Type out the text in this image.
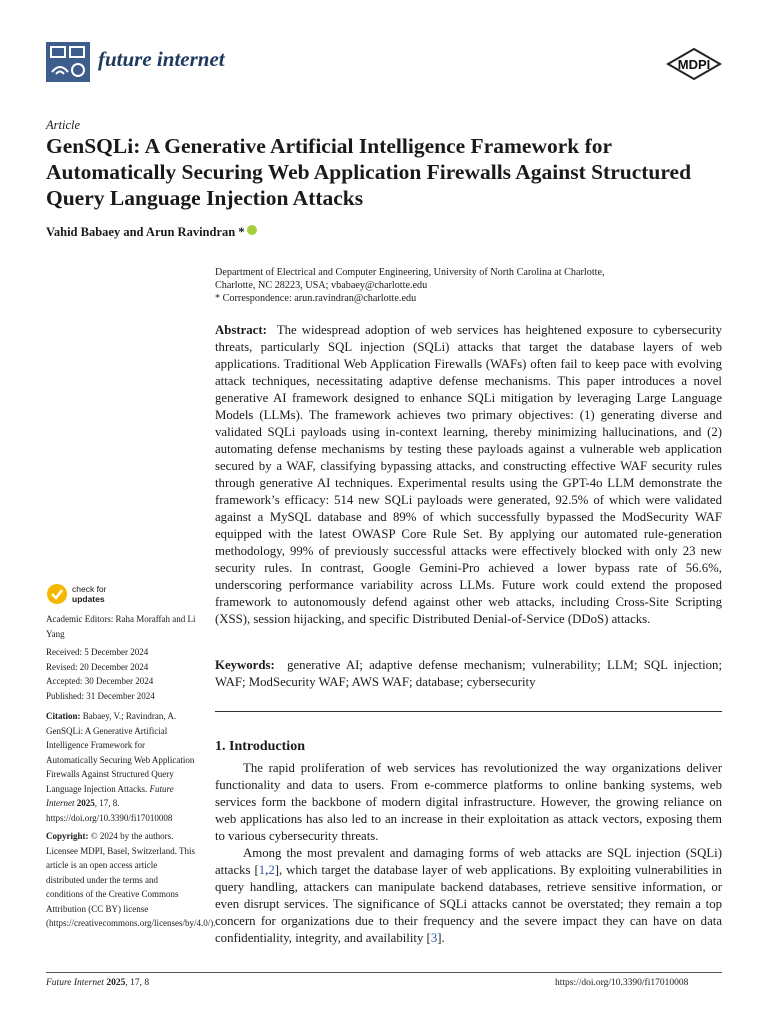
future internet	MDPI
Article
GenSQLi: A Generative Artificial Intelligence Framework for Automatically Securing Web Application Firewalls Against Structured Query Language Injection Attacks
Vahid Babaey and Arun Ravindran *
Department of Electrical and Computer Engineering, University of North Carolina at Charlotte,
Charlotte, NC 28223, USA; vbabaey@charlotte.edu
* Correspondence: arun.ravindran@charlotte.edu
Abstract: The widespread adoption of web services has heightened exposure to cybersecurity threats, particularly SQL injection (SQLi) attacks that target the database layers of web applications. Traditional Web Application Firewalls (WAFs) often fail to keep pace with evolving attack techniques, necessitating adaptive defense mechanisms. This paper introduces a novel generative AI framework designed to enhance SQLi mitigation by leveraging Large Language Models (LLMs). The framework achieves two primary objectives: (1) generating diverse and validated SQLi payloads using in-context learning, thereby minimizing hallucinations, and (2) automating defense mechanisms by testing these payloads against a vulnerable web application secured by a WAF, classifying bypassing attacks, and constructing effective WAF security rules through generative AI techniques. Experimental results using the GPT-4o LLM demonstrate the framework’s efficacy: 514 new SQLi payloads were generated, 92.5% of which were validated against a MySQL database and 89% of which successfully bypassed the ModSecurity WAF equipped with the latest OWASP Core Rule Set. By applying our automated rule-generation methodology, 99% of previously successful attacks were effectively blocked with only 23 new security rules. In contrast, Google Gemini-Pro achieved a lower bypass rate of 56.6%, underscoring performance variability across LLMs. Future work could extend the proposed framework to autonomously defend against other web attacks, including Cross-Site Scripting (XSS), session hijacking, and specific Distributed Denial-of-Service (DDoS) attacks.
Keywords: generative AI; adaptive defense mechanism; vulnerability; LLM; SQL injection; WAF; ModSecurity WAF; AWS WAF; database; cybersecurity
1. Introduction

The rapid proliferation of web services has revolutionized the way organizations deliver functionality and data to users. From e-commerce platforms to online banking systems, web services form the backbone of modern digital infrastructure. However, the growing reliance on web applications has also led to an increase in their exploitation as attack vectors, exposing them to various cybersecurity threats.

Among the most prevalent and damaging forms of web attacks are SQL injection (SQLi) attacks [1,2], which target the database layer of web applications. By exploiting vulnerabilities in query handling, attackers can manipulate backend databases, retrieve sensitive information, or even disrupt services. The significance of SQLi attacks cannot be overstated; they remain a top concern for organizations due to their frequency and the severe impact they can have on data confidentiality, integrity, and availability [3].

check for
updates
Academic Editors: Raha Moraffah and Li Yang
Received: 5 December 2024
Revised: 20 December 2024
Accepted: 30 December 2024
Published: 31 December 2024
Citation: Babaey, V.; Ravindran, A. GenSQLi: A Generative Artificial Intelligence Framework for Automatically Securing Web Application Firewalls Against Structured Query Language Injection Attacks. Future Internet 2025, 17, 8. https://doi.org/10.3390/fi17010008
Copyright: © 2024 by the authors. Licensee MDPI, Basel, Switzerland. This article is an open access article distributed under the terms and conditions of the Creative Commons Attribution (CC BY) license (https://creativecommons.org/licenses/by/4.0/).
Future Internet 2025, 17, 8	https://doi.org/10.3390/fi17010008
